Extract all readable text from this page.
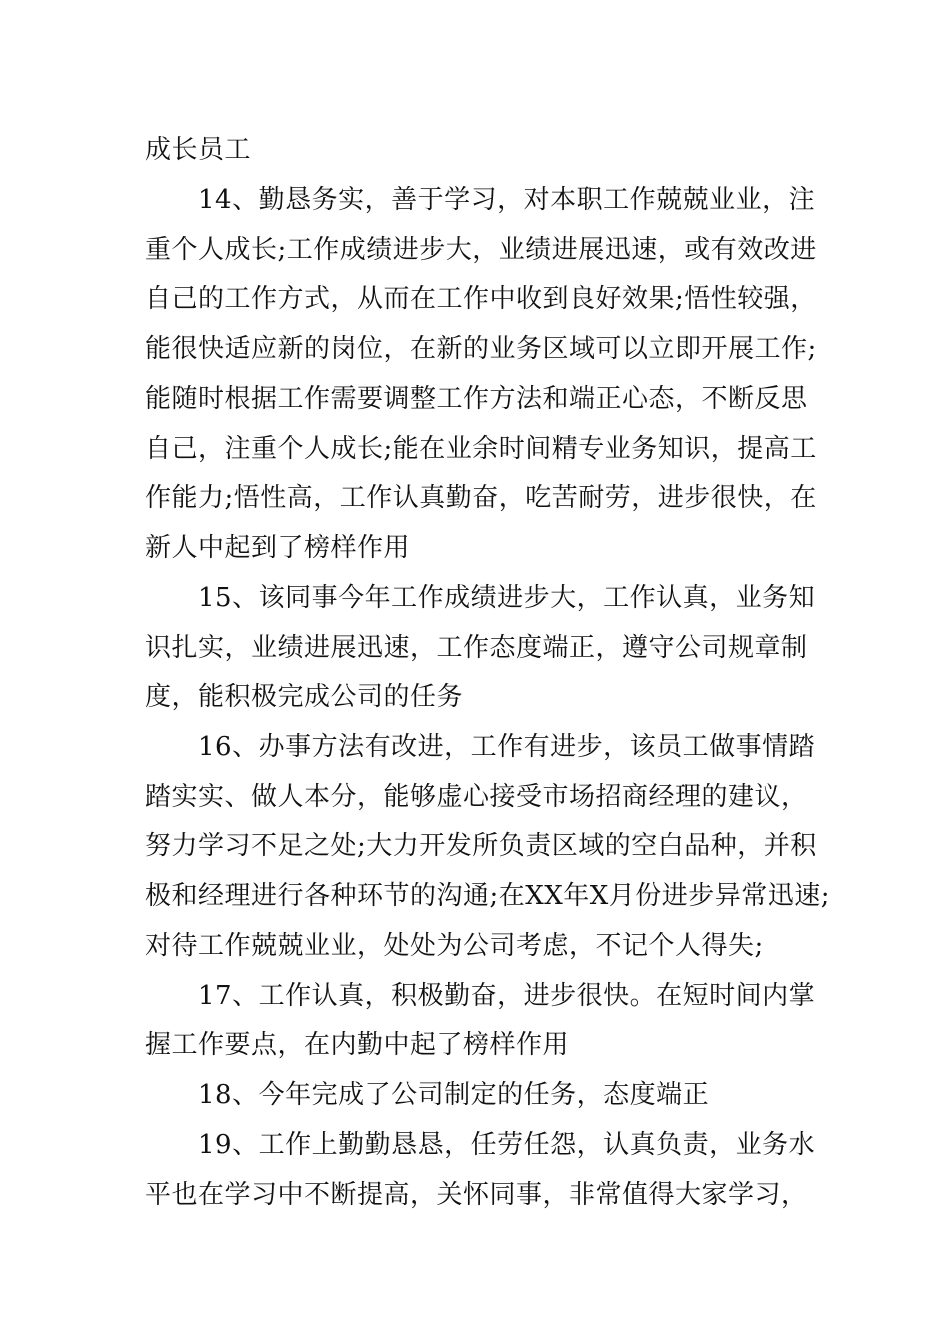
成长员工
14、勤恳务实，善于学习，对本职工作兢兢业业，注
重个人成长;工作成绩进步大，业绩进展迅速，或有效改进
自己的工作方式，从而在工作中收到良好效果;悟性较强，
能很快适应新的岗位，在新的业务区域可以立即开展工作;
能随时根据工作需要调整工作方法和端正心态，不断反思
自己，注重个人成长;能在业余时间精专业务知识，提高工
作能力;悟性高，工作认真勤奋，吃苦耐劳，进步很快，在
新人中起到了榜样作用
15、该同事今年工作成绩进步大，工作认真，业务知
识扎实，业绩进展迅速，工作态度端正，遵守公司规章制
度，能积极完成公司的任务
16、办事方法有改进，工作有进步，该员工做事情踏
踏实实、做人本分，能够虚心接受市场招商经理的建议，
努力学习不足之处;大力开发所负责区域的空白品种，并积
极和经理进行各种环节的沟通;在XX年X月份进步异常迅速;
对待工作兢兢业业，处处为公司考虑，不记个人得失;
17、工作认真，积极勤奋，进步很快。在短时间内掌
握工作要点，在内勤中起了榜样作用
18、今年完成了公司制定的任务，态度端正
19、工作上勤勤恳恳，任劳任怨，认真负责，业务水
平也在学习中不断提高，关怀同事，非常值得大家学习，
